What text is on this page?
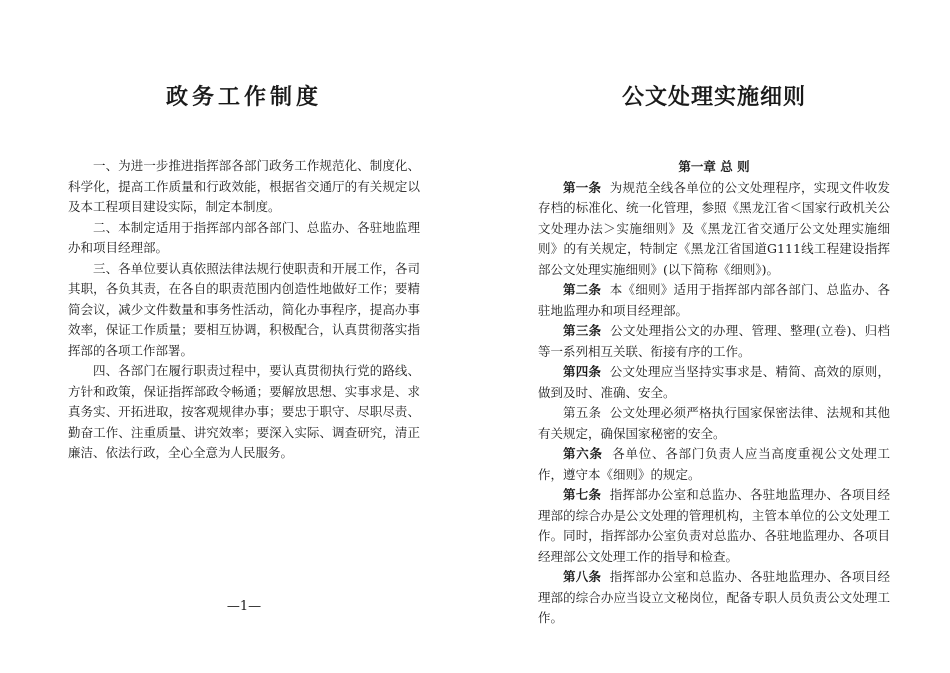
政务工作制度

一、为进一步推进指挥部各部门政务工作规范化、制度化、科学化，提高工作质量和行政效能，根据省交通厅的有关规定以及本工程项目建设实际，制定本制度。

二、本制定适用于指挥部内部各部门、总监办、各驻地监理办和项目经理部。

三、各单位要认真依照法律法规行使职责和开展工作，各司其职，各负其责，在各自的职责范围内创造性地做好工作；要精简会议，减少文件数量和事务性活动，简化办事程序，提高办事效率，保证工作质量；要相互协调，积极配合，认真贯彻落实指挥部的各项工作部署。

四、各部门在履行职责过程中，要认真贯彻执行党的路线、方针和政策，保证指挥部政令畅通；要解放思想、实事求是、求真务实、开拓进取，按客观规律办事；要忠于职守、尽职尽责、勤奋工作、注重质量、讲究效率；要深入实际、调查研究，清正廉洁、依法行政，全心全意为人民服务。

—1—
公文处理实施细则

第一章 总 则

第一条 为规范全线各单位的公文处理程序，实现文件收发存档的标准化、统一化管理，参照《黑龙江省＜国家行政机关公文处理办法＞实施细则》及《黑龙江省交通厅公文处理实施细则》的有关规定，特制定《黑龙江省国道G111线工程建设指挥部公文处理实施细则》(以下简称《细则》)。

第二条 本《细则》适用于指挥部内部各部门、总监办、各驻地监理办和项目经理部。

第三条 公文处理指公文的办理、管理、整理(立卷)、归档等一系列相互关联、衔接有序的工作。

第四条 公文处理应当坚持实事求是、精简、高效的原则，做到及时、准确、安全。

第五条 公文处理必须严格执行国家保密法律、法规和其他有关规定，确保国家秘密的安全。

第六条 各单位、各部门负责人应当高度重视公文处理工作，遵守本《细则》的规定。

第七条 指挥部办公室和总监办、各驻地监理办、各项目经理部的综合办是公文处理的管理机构，主管本单位的公文处理工作。同时，指挥部办公室负责对总监办、各驻地监理办、各项目经理部公文处理工作的指导和检查。

第八条 指挥部办公室和总监办、各驻地监理办、各项目经理部的综合办应当设立文秘岗位，配备专职人员负责公文处理工作。
